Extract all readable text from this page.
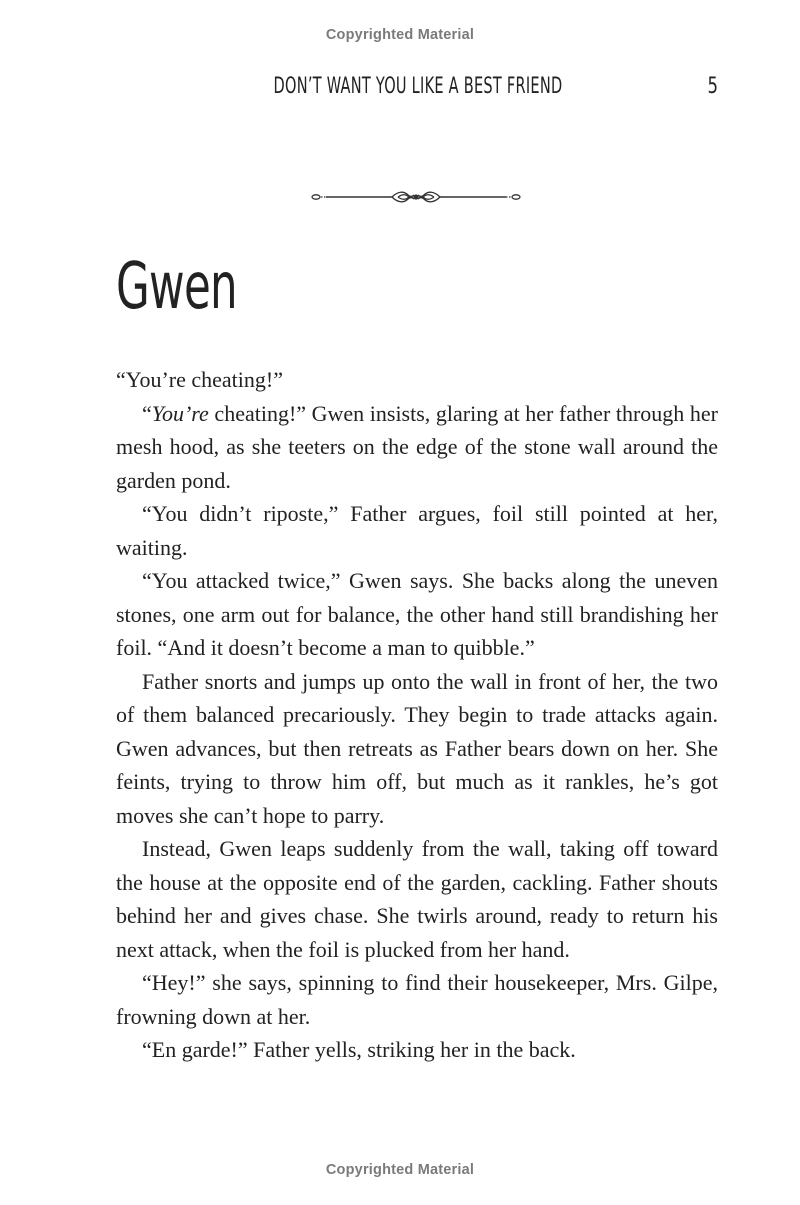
Copyrighted Material
DON’T WANT YOU LIKE A BEST FRIEND	5
Gwen

“You’re cheating!”

“You’re cheating!” Gwen insists, glaring at her father through her mesh hood, as she teeters on the edge of the stone wall around the garden pond.

“You didn’t riposte,” Father argues, foil still pointed at her, waiting.

“You attacked twice,” Gwen says. She backs along the uneven stones, one arm out for balance, the other hand still brandishing her foil. “And it doesn’t become a man to quibble.”

Father snorts and jumps up onto the wall in front of her, the two of them balanced precariously. They begin to trade attacks again. Gwen advances, but then retreats as Father bears down on her. She feints, trying to throw him off, but much as it rankles, he’s got moves she can’t hope to parry.

Instead, Gwen leaps suddenly from the wall, taking off toward the house at the opposite end of the garden, cackling. Father shouts behind her and gives chase. She twirls around, ready to return his next attack, when the foil is plucked from her hand.

“Hey!” she says, spinning to find their housekeeper, Mrs. Gilpe, frowning down at her.

“En garde!” Father yells, striking her in the back.

Copyrighted Material
